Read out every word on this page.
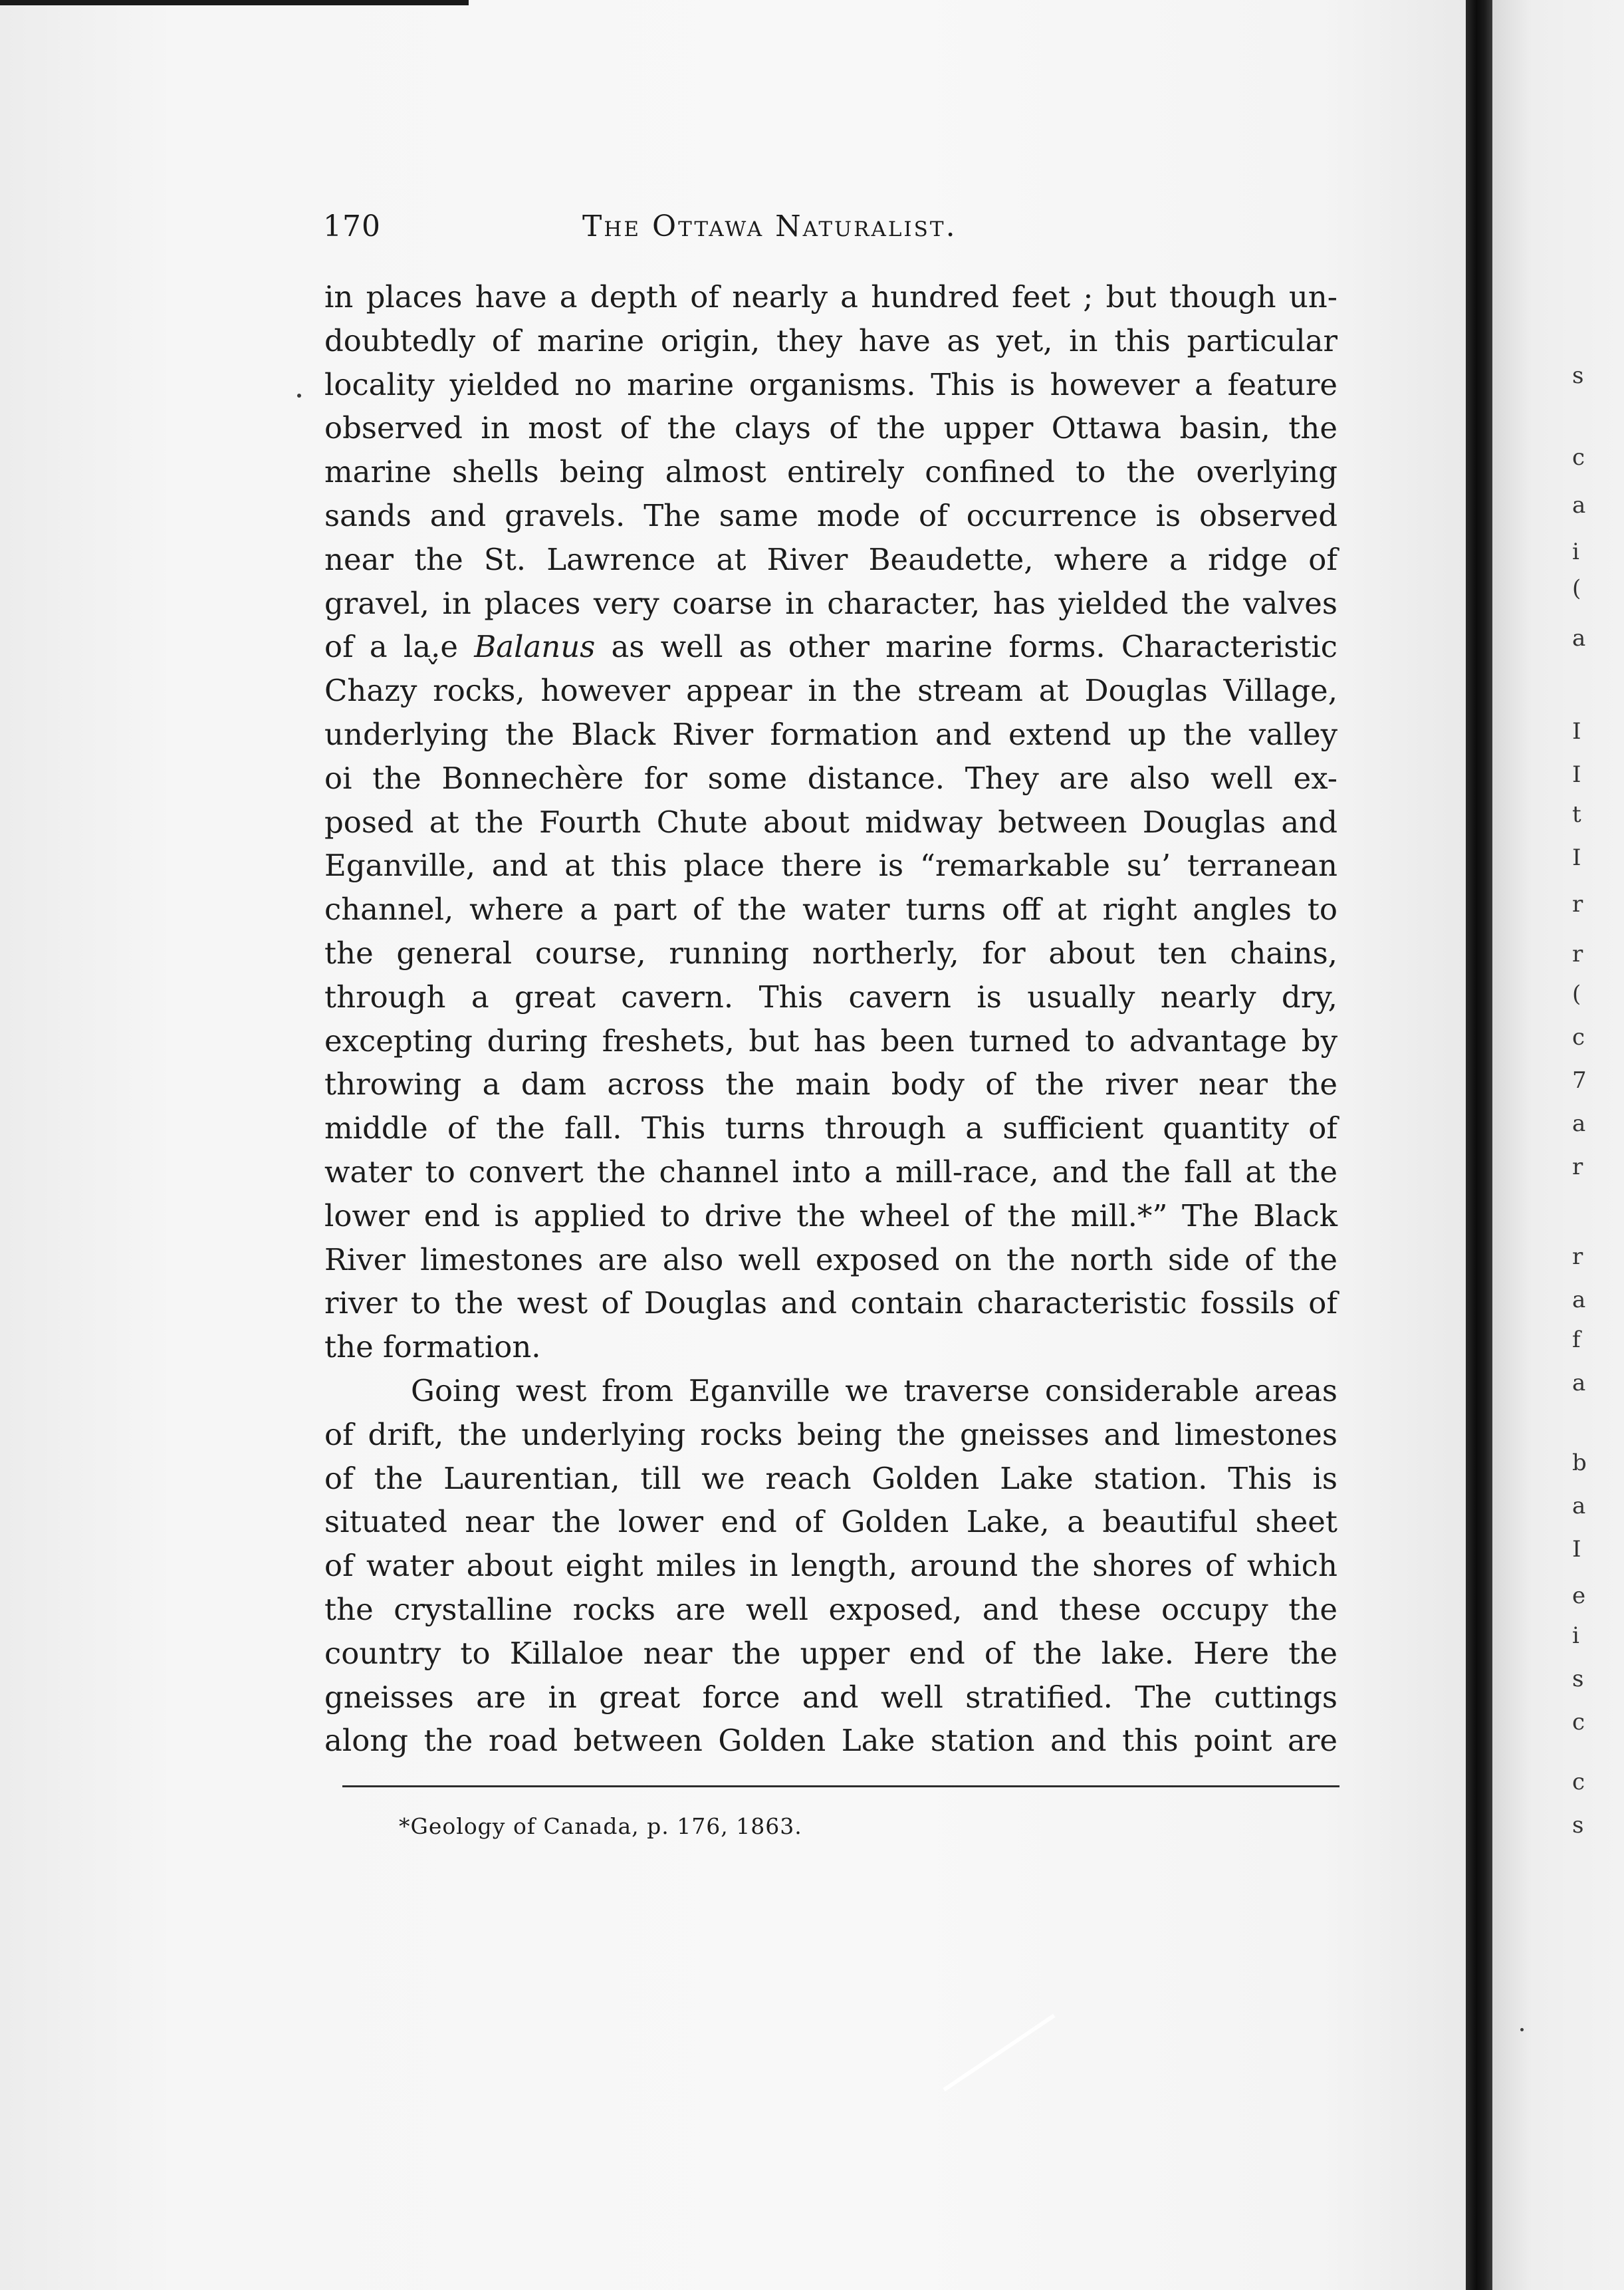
s
c
a
i
(
a
I
I
t
I
r
r
(
c
7
a
r
r
a
f
a
b
a
I
e
i
s
c
c
s
170	The Ottawa Naturalist.
in places have a depth of nearly a hundred feet ; but though un-
doubtedly of marine origin, they have as yet, in this particular
locality yielded no marine organisms. This is however a feature
observed in most of the clays of the upper Ottawa basin, the
marine shells being almost entirely confined to the overlying
sands and gravels. The same mode of occurrence is observed
near the St. Lawrence at River Beaudette, where a ridge of
gravel, in places very coarse in character, has yielded the valves
of a la.e Balanus as well as other marine forms. Characteristic
Chazy rocks, however appear in the stream at Douglas Village,
underlying the Black River formation and extend up the valley
oi the Bonnechère for some distance. They are also well ex-
posed at the Fourth Chute about midway between Douglas and
Eganville, and at this place there is “remarkable su’ terranean
channel, where a part of the water turns off at right angles to
the general course, running northerly, for about ten chains,
through a great cavern. This cavern is usually nearly dry,
excepting during freshets, but has been turned to advantage by
throwing a dam across the main body of the river near the
middle of the fall. This turns through a sufficient quantity of
water to convert the channel into a mill-race, and the fall at the
lower end is applied to drive the wheel of the mill.*” The Black
River limestones are also well exposed on the north side of the
river to the west of Douglas and contain characteristic fossils of
the formation.
Going west from Eganville we traverse considerable areas
of drift, the underlying rocks being the gneisses and limestones
of the Laurentian, till we reach Golden Lake station. This is
situated near the lower end of Golden Lake, a beautiful sheet
of water about eight miles in length, around the shores of which
the crystalline rocks are well exposed, and these occupy the
country to Killaloe near the upper end of the lake. Here the
gneisses are in great force and well stratified. The cuttings
along the road between Golden Lake station and this point are
*Geology of Canada, p. 176, 1863.
